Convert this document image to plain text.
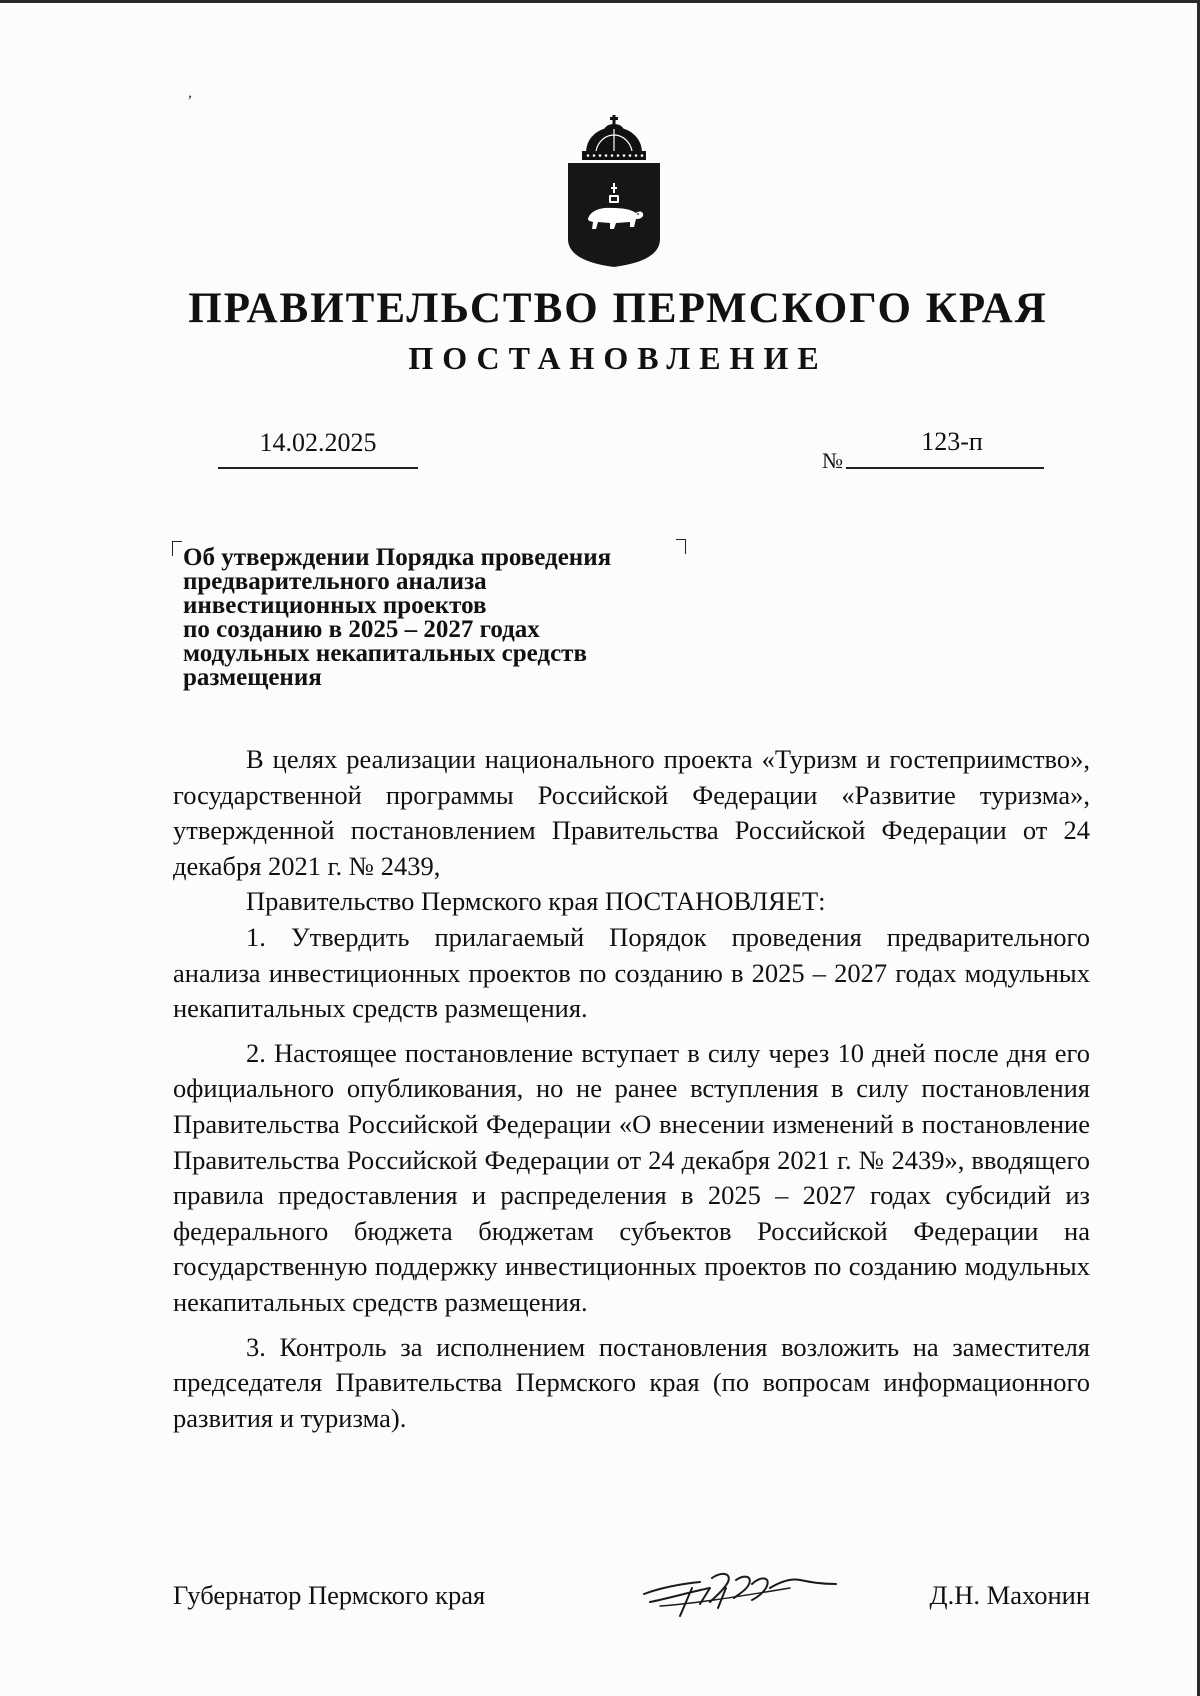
,
ПРАВИТЕЛЬСТВО ПЕРМСКОГО КРАЯ
ПОСТАНОВЛЕНИЕ
14.02.2025
№
123-п
Об утверждении Порядка проведения
предварительного анализа
инвестиционных проектов
по созданию в 2025 – 2027 годах
модульных некапитальных средств
размещения

В целях реализации национального проекта «Туризм и гостеприимство», государственной программы Российской Федерации «Развитие туризма», утвержденной постановлением Правительства Российской Федерации от 24 декабря 2021 г. № 2439,

Правительство Пермского края ПОСТАНОВЛЯЕТ:

1. Утвердить прилагаемый Порядок проведения предварительного анализа инвестиционных проектов по созданию в 2025 – 2027 годах модульных некапитальных средств размещения.

2. Настоящее постановление вступает в силу через 10 дней после дня его официального опубликования, но не ранее вступления в силу постановления Правительства Российской Федерации «О внесении изменений в постановление Правительства Российской Федерации от 24 декабря 2021 г. № 2439», вводящего правила предоставления и распределения в 2025 – 2027 годах субсидий из федерального бюджета бюджетам субъектов Российской Федерации на государственную поддержку инвестиционных проектов по созданию модульных некапитальных средств размещения.

3. Контроль за исполнением постановления возложить на заместителя председателя Правительства Пермского края (по вопросам информационного развития и туризма).

Губернатор Пермского края	Д.Н. Махонин
